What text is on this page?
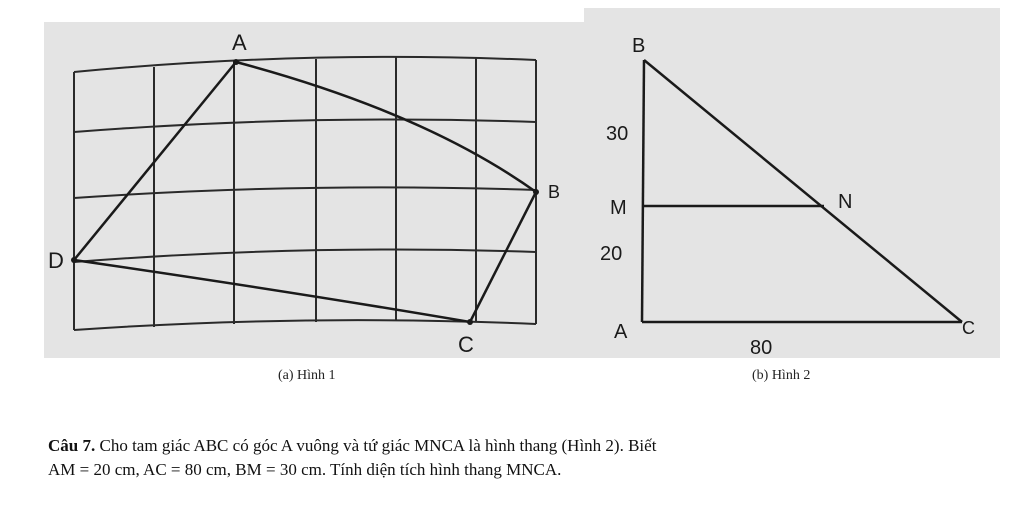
A
B
C
D
B
M	N
A	C
30
20
80
(a) Hình 1	(b) Hình 2
Câu 7. Cho tam giác ABC có góc A vuông và tứ giác MNCA là hình thang (Hình 2). Biết
AM = 20 cm, AC = 80 cm, BM = 30 cm. Tính diện tích hình thang MNCA.
